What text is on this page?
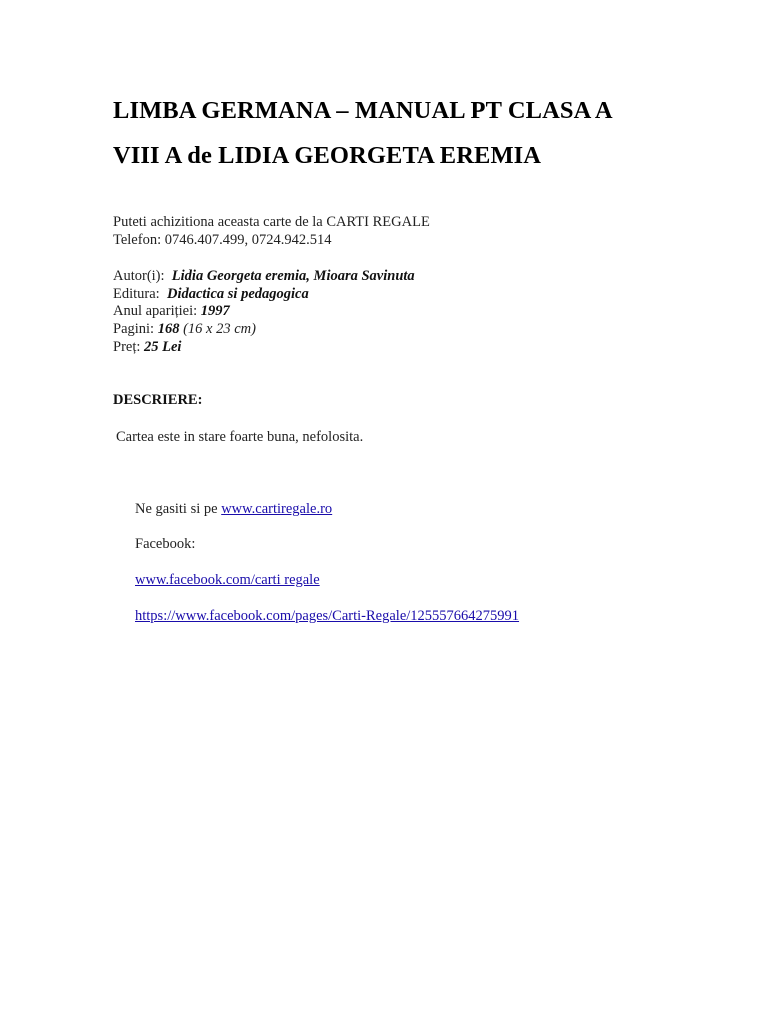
LIMBA GERMANA – MANUAL PT CLASA A
VIII A de LIDIA GEORGETA EREMIA
Puteti achizitiona aceasta carte de la CARTI REGALE
Telefon: 0746.407.499, 0724.942.514
Autor(i): Lidia Georgeta eremia, Mioara Savinuta
Editura: Didactica si pedagogica
Anul apariției: 1997
Pagini: 168 (16 x 23 cm)
Preț: 25 Lei
DESCRIERE:
Cartea este in stare foarte buna, nefolosita.
Ne gasiti si pe www.cartiregale.ro
Facebook:
www.facebook.com/carti regale
https://www.facebook.com/pages/Carti-Regale/125557664275991
